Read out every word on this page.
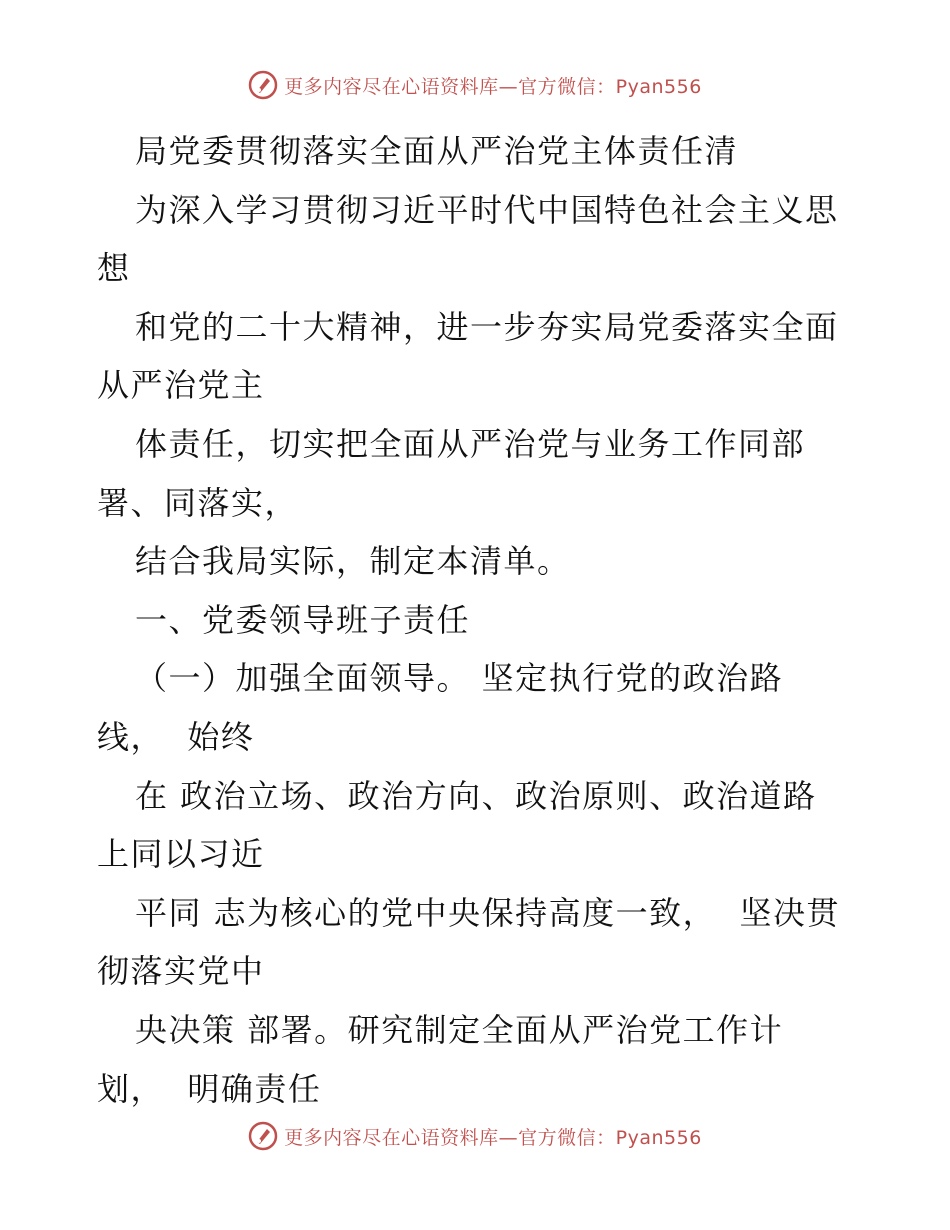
更多内容尽在心语资料库—官方微信：Pyan556
局党委贯彻落实全面从严治党主体责任清
为深入学习贯彻习近平时代中国特色社会主义思
想
和党的二十大精神，进一步夯实局党委落实全面
从严治党主
体责任，切实把全面从严治党与业务工作同部
署、同落实，
结合我局实际，制定本清单。
一、党委领导班子责任
（一）加强全面领导。 坚定执行党的政治路
线，  始终
在 政治立场、政治方向、政治原则、政治道路
上同以习近
平同 志为核心的党中央保持高度一致，  坚决贯
彻落实党中
央决策 部署。研究制定全面从严治党工作计
划，  明确责任
更多内容尽在心语资料库—官方微信：Pyan556
